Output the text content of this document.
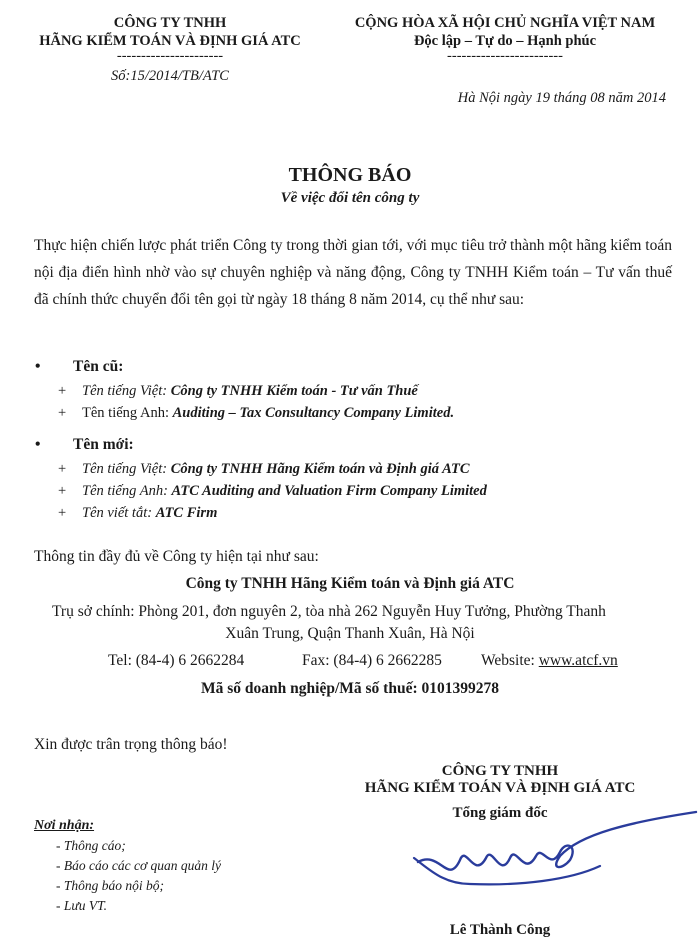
CÔNG TY TNHH
HÃNG KIỂM TOÁN VÀ ĐỊNH GIÁ ATC
----------------------
Số:15/2014/TB/ATC
CỘNG HÒA XÃ HỘI CHỦ NGHĨA VIỆT NAM
Độc lập – Tự do – Hạnh phúc
------------------------
Hà Nội ngày 19 tháng 08 năm 2014
THÔNG BÁO
Về việc đổi tên công ty
Thực hiện chiến lược phát triển Công ty trong thời gian tới, với mục tiêu trở thành một hãng kiểm toán nội địa điển hình nhờ vào sự chuyên nghiệp và năng động, Công ty TNHH Kiểm toán – Tư vấn thuế đã chính thức chuyển đổi tên gọi từ ngày 18 tháng 8 năm 2014, cụ thể như sau:
• Tên cũ:
+ Tên tiếng Việt: Công ty TNHH Kiểm toán - Tư vấn Thuế
+ Tên tiếng Anh: Auditing – Tax Consultancy Company Limited.
• Tên mới:
+ Tên tiếng Việt: Công ty TNHH Hãng Kiểm toán và Định giá ATC
+ Tên tiếng Anh: ATC Auditing and Valuation Firm Company Limited
+ Tên viết tắt: ATC Firm
Thông tin đầy đủ về Công ty hiện tại như sau:
Công ty TNHH Hãng Kiểm toán và Định giá ATC
Trụ sở chính: Phòng 201, đơn nguyên 2, tòa nhà 262 Nguyễn Huy Tưởng, Phường Thanh
Xuân Trung, Quận Thanh Xuân, Hà Nội
Tel: (84-4) 6 2662284	Fax: (84-4) 6 2662285	Website: www.atcf.vn
Mã số doanh nghiệp/Mã số thuế: 0101399278
Xin được trân trọng thông báo!
CÔNG TY TNHH
HÃNG KIỂM TOÁN VÀ ĐỊNH GIÁ ATC
Tổng giám đốc
Lê Thành Công
Nơi nhận:
- Thông cáo;
- Báo cáo các cơ quan quản lý
- Thông báo nội bộ;
- Lưu VT.
